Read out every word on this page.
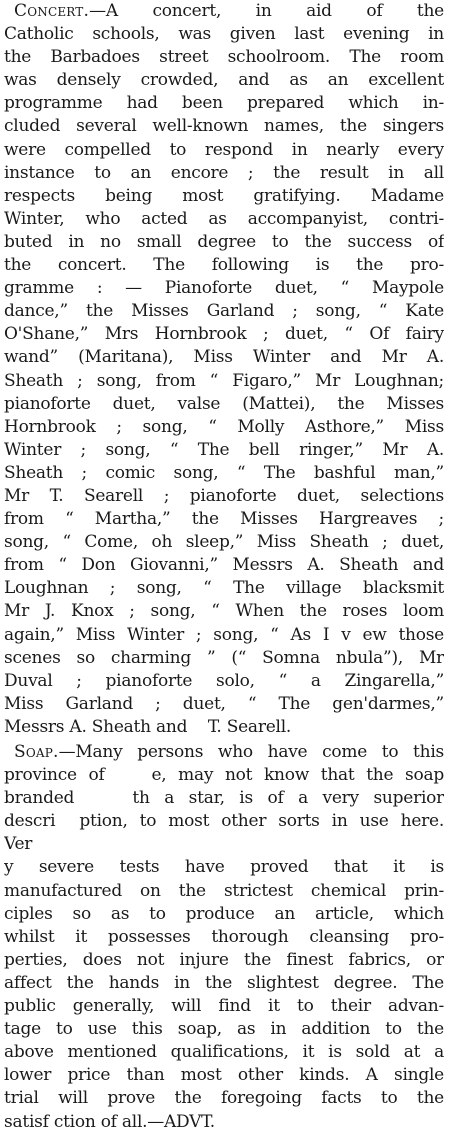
Concert.—A concert, in aid of the
Catholic schools, was given last evening in
the Barbadoes street schoolroom. The room
was densely crowded, and as an excellent
programme had been prepared which in-
cluded several well-known names, the singers
were compelled to respond in nearly every
instance to an encore ; the result in all
respects being most gratifying. Madame
Winter, who acted as accompanyist, contri-
buted in no small degree to the success of
the concert. The following is the pro-
gramme : — Pianoforte duet, “ Maypole
dance,” the Misses Garland ; song, “ Kate
O'Shane,” Mrs Hornbrook ; duet, “ Of fairy
wand” (Maritana), Miss Winter and Mr A.
Sheath ; song, from “ Figaro,” Mr Loughnan;
pianoforte duet, valse (Mattei), the Misses
Hornbrook ; song, “ Molly Asthore,” Miss
Winter ; song, “ The bell ringer,” Mr A.
Sheath ; comic song, “ The bashful man,”
Mr T. Searell ; pianoforte duet, selections
from “ Martha,” the Misses Hargreaves ;
song, “ Come, oh sleep,” Miss Sheath ; duet,
from “ Don Giovanni,” Messrs A. Sheath and
Loughnan ; song, “ The village blacksmit
Mr J. Knox ; song, “ When the roses loom
again,” Miss Winter ; song, “ As I v ew those
scenes so charming ” (“ Somna nbula”), Mr
Duval ; pianoforte solo, “ a Zingarella,”
Miss Garland ; duet, “ The gen'darmes,”
Messrs A. Sheath and T. Searell.

Soap.—Many persons who have come to this
province of	e, may not know that the soap
branded	th a star, is of a very superior
descri ption, to most other sorts in use here.
Ver
y severe tests have proved that it is
manufactured on the strictest chemical prin-
ciples so as to produce an article, which
whilst it possesses thorough cleansing pro-
perties, does not injure the finest fabrics, or
affect the hands in the slightest degree. The
public generally, will find it to their advan-
tage to use this soap, as in addition to the
above mentioned qualifications, it is sold at a
lower price than most other kinds. A single
trial will prove the foregoing facts to the
satisf ction of all.—ADVT.
